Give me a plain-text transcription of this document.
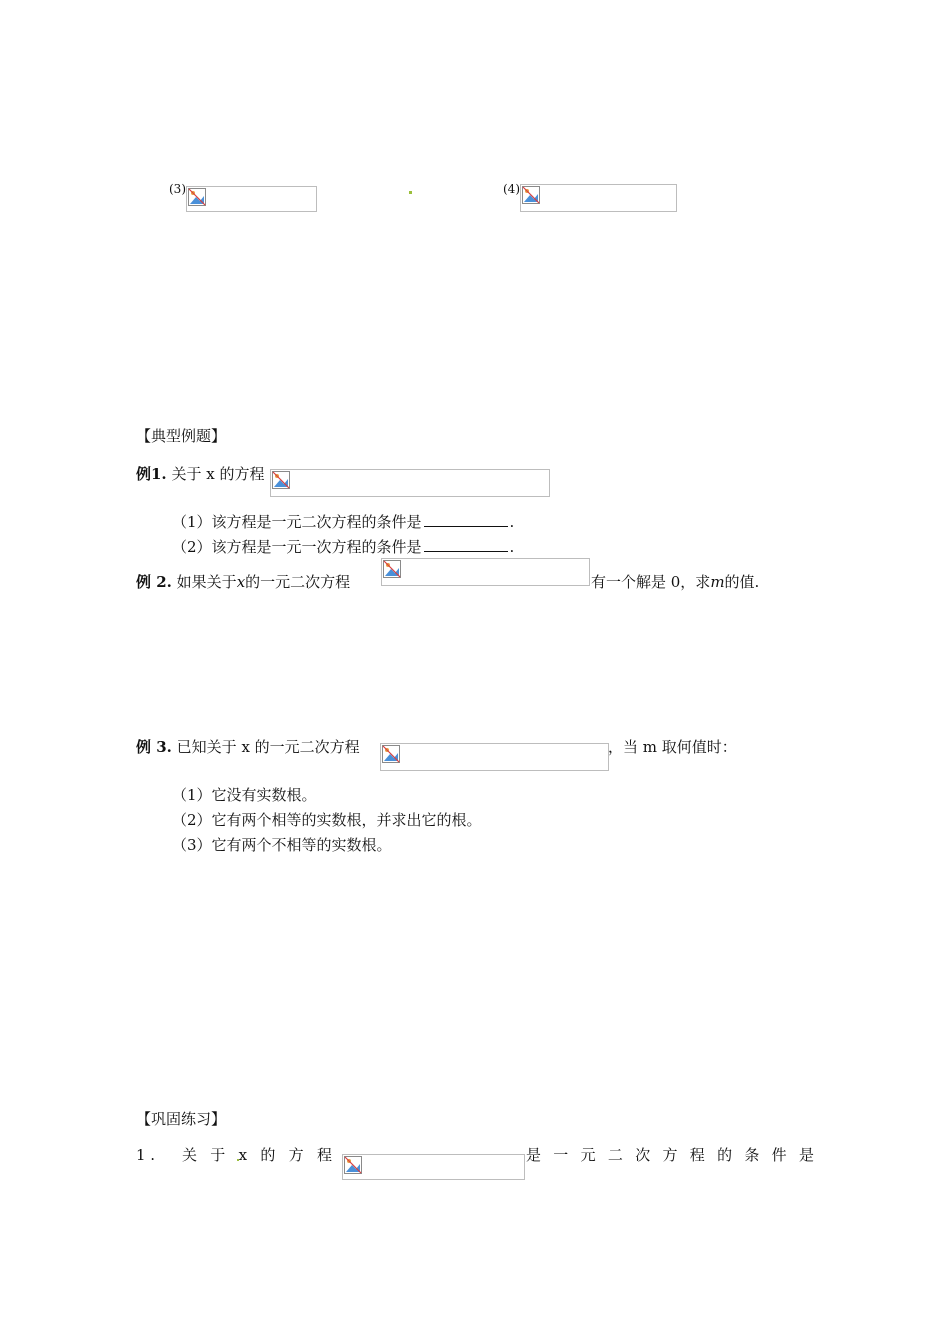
(3)	(4)
【典型例题】
例1. 关于 x 的方程
（1）该方程是一元二次方程的条件是	.
（2）该方程是一元一次方程的条件是	.
例 2. 如果关于x的一元二次方程	有一个解是 0，求m的值.
例 3. 已知关于 x 的一元二次方程	，当 m 取何值时：
（1）它没有实数根。
（2）它有两个相等的实数根，并求出它的根。
（3）它有两个不相等的实数根。
【巩固练习】
1 . 关 于 x 的 方 程	是 一 元 二 次 方 程 的 条 件 是
